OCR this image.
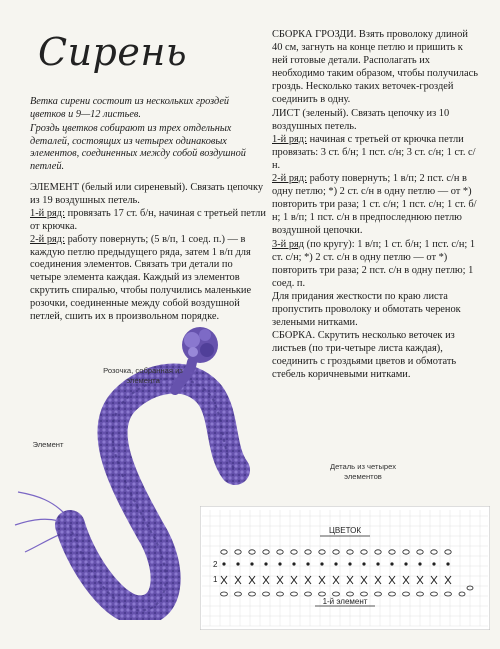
Сирень

Ветка сирени состоит из нескольких гроздей цветков и 9—12 листьев.

Гроздь цветков собирают из трех отдельных деталей, состоящих из четырех одинаковых элементов, соединенных между собой воздушной петлей.

ЭЛЕМЕНТ (белый или сиреневый). Связать цепочку из 19 воздушных петель.

1-й ряд: провязать 17 ст. б/н, начиная с третьей петли от крючка.

2-й ряд: работу повернуть; (5 в/п, 1 соед. п.) — в каждую петлю предыдущего ряда, затем 1 в/п для соединения элементов. Связать три детали по четыре элемента каждая. Каждый из элементов скрутить спиралью, чтобы получились маленькие розочки, соединенные между собой воздушной петлей, сшить их в произвольном порядке.

СБОРКА ГРОЗДИ. Взять проволоку длиной 40 см, загнуть на конце петлю и пришить к ней готовые детали. Располагать их необходимо таким образом, чтобы получилась гроздь. Несколько таких веточек-гроздей соединить в одну.

ЛИСТ (зеленый). Связать цепочку из 10 воздушных петель.

1-й ряд: начиная с третьей от крючка петли провязать: 3 ст. б/н; 1 пст. с/н; 3 ст. с/н; 1 ст. с/н.

2-й ряд: работу повернуть; 1 в/п; 2 пст. с/н в одну петлю; *) 2 ст. с/н в одну петлю — от *) повторить три раза; 1 ст. с/н; 1 пст. с/н; 1 ст. б/н; 1 в/п; 1 пст. с/н в предпоследнюю петлю воздушной цепочки.

3-й ряд (по кругу): 1 в/п; 1 ст. б/н; 1 пст. с/н; 1 ст. с/н; *) 2 ст. с/н в одну петлю — от *) повторить три раза; 2 пст. с/н в одну петлю; 1 соед. п.

Для придания жесткости по краю листа пропустить проволоку и обмотать черенок зелеными нитками.

СБОРКА. Скрутить несколько веточек из листьев (по три-четыре листа каждая), соединить с гроздьями цветов и обмотать стебель коричневыми нитками.

Розочка, собранная из элемента
Элемент
Деталь из четырех элементов
ЦВЕТОК
2
1
1-й элемент
